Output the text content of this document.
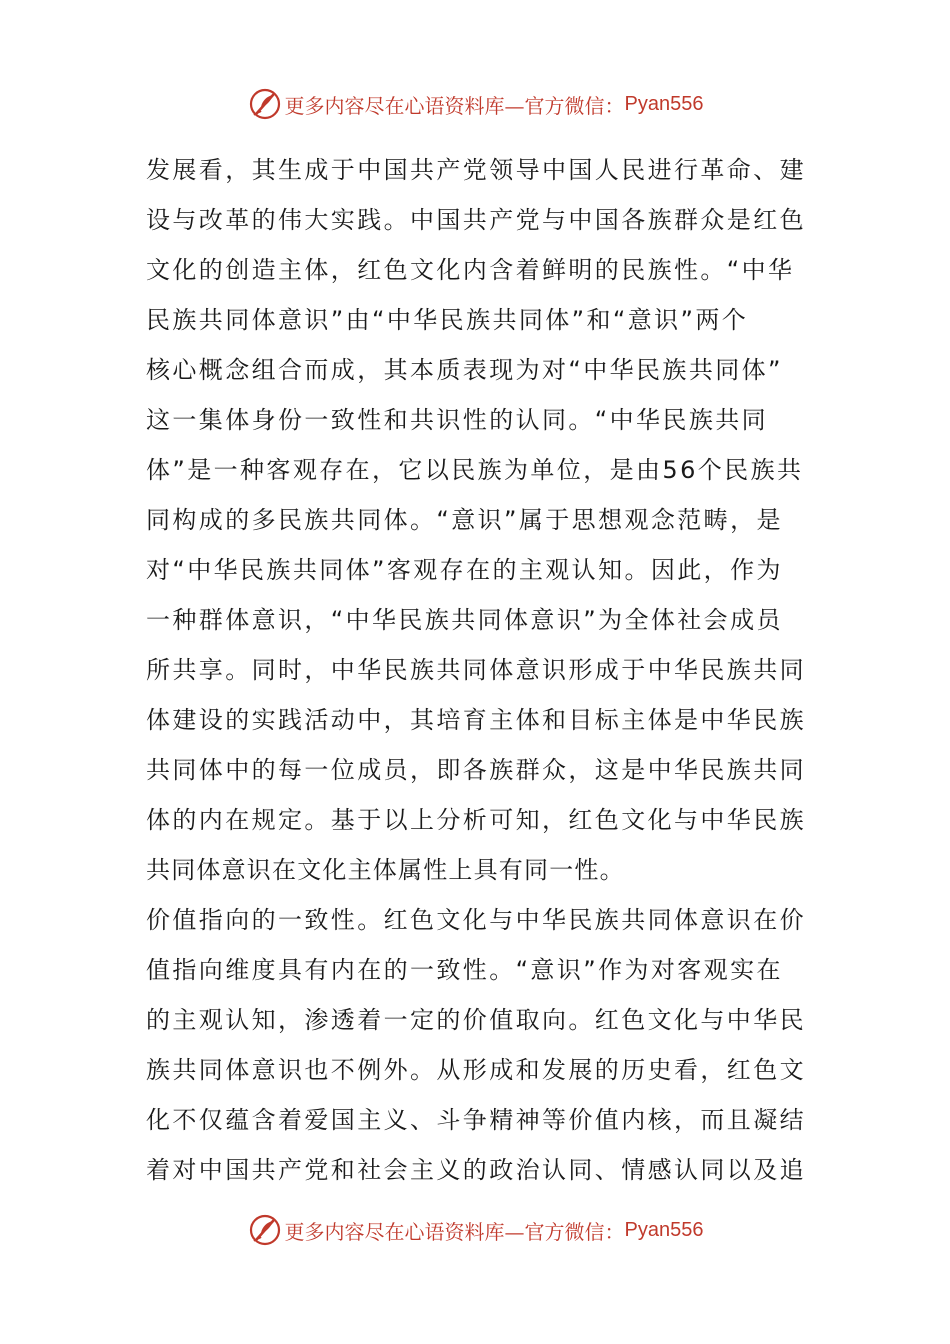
更多内容尽在心语资料库—官方微信： Pyan556
发展看，其生成于中国共产党领导中国人民进行革命、建
设与改革的伟大实践。中国共产党与中国各族群众是红色
文化的创造主体，红色文化内含着鲜明的民族性。“中华
民族共同体意识”由“中华民族共同体”和“意识”两个
核心概念组合而成，其本质表现为对“中华民族共同体”
这一集体身份一致性和共识性的认同。“中华民族共同
体”是一种客观存在，它以民族为单位，是由56个民族共
同构成的多民族共同体。“意识”属于思想观念范畴，是
对“中华民族共同体”客观存在的主观认知。因此，作为
一种群体意识，“中华民族共同体意识”为全体社会成员
所共享。同时，中华民族共同体意识形成于中华民族共同
体建设的实践活动中，其培育主体和目标主体是中华民族
共同体中的每一位成员，即各族群众，这是中华民族共同
体的内在规定。基于以上分析可知，红色文化与中华民族
共同体意识在文化主体属性上具有同一性。
价值指向的一致性。红色文化与中华民族共同体意识在价
值指向维度具有内在的一致性。“意识”作为对客观实在
的主观认知，渗透着一定的价值取向。红色文化与中华民
族共同体意识也不例外。从形成和发展的历史看，红色文
化不仅蕴含着爱国主义、斗争精神等价值内核，而且凝结
着对中国共产党和社会主义的政治认同、情感认同以及追
更多内容尽在心语资料库—官方微信： Pyan556
